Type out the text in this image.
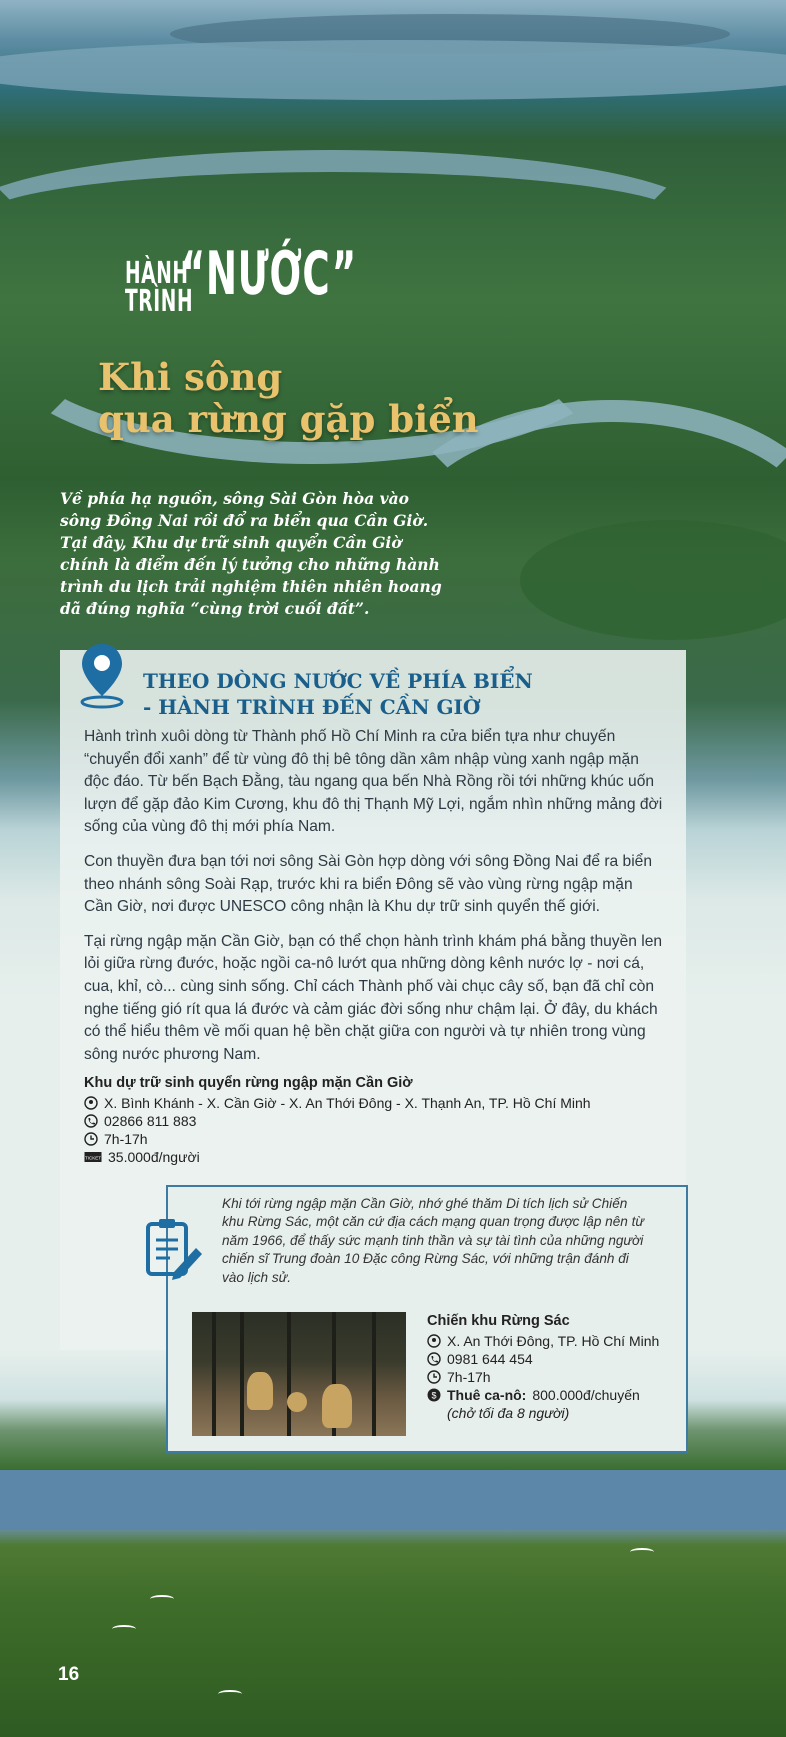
HÀNH
TRÌNH
“NƯỚC”
Khi sông
qua rừng gặp biển
Về phía hạ nguồn, sông Sài Gòn hòa vào sông Đồng Nai rồi đổ ra biển qua Cần Giờ. Tại đây, Khu dự trữ sinh quyển Cần Giờ chính là điểm đến lý tưởng cho những hành trình du lịch trải nghiệm thiên nhiên hoang dã đúng nghĩa “cùng trời cuối đất”.
THEO DÒNG NƯỚC VỀ PHÍA BIỂN
- HÀNH TRÌNH ĐẾN CẦN GIỜ

Hành trình xuôi dòng từ Thành phố Hồ Chí Minh ra cửa biển tựa như chuyến “chuyển đổi xanh” để từ vùng đô thị bê tông dần xâm nhập vùng xanh ngập mặn độc đáo. Từ bến Bạch Đằng, tàu ngang qua bến Nhà Rồng rồi tới những khúc uốn lượn để gặp đảo Kim Cương, khu đô thị Thạnh Mỹ Lợi, ngắm nhìn những mảng đời sống của vùng đô thị mới phía Nam.

Con thuyền đưa bạn tới nơi sông Sài Gòn hợp dòng với sông Đồng Nai để ra biển theo nhánh sông Soài Rạp, trước khi ra biển Đông sẽ vào vùng rừng ngập mặn Cần Giờ, nơi được UNESCO công nhận là Khu dự trữ sinh quyển thế giới.

Tại rừng ngập mặn Cần Giờ, bạn có thể chọn hành trình khám phá bằng thuyền len lỏi giữa rừng đước, hoặc ngồi ca-nô lướt qua những dòng kênh nước lợ - nơi cá, cua, khỉ, cò... cùng sinh sống. Chỉ cách Thành phố vài chục cây số, bạn đã chỉ còn nghe tiếng gió rít qua lá đước và cảm giác đời sống như chậm lại. Ở đây, du khách có thể hiểu thêm về mối quan hệ bền chặt giữa con người và tự nhiên trong vùng sông nước phương Nam.

Khu dự trữ sinh quyển rừng ngập mặn Cần Giờ
X. Bình Khánh - X. Cần Giờ - X. An Thới Đông - X. Thạnh An, TP. Hồ Chí Minh
02866 811 883
7h-17h
TICKET 35.000đ/người
Khi tới rừng ngập mặn Cần Giờ, nhớ ghé thăm Di tích lịch sử Chiến khu Rừng Sác, một căn cứ địa cách mạng quan trọng được lập nên từ năm 1966, để thấy sức mạnh tinh thần và sự tài tình của những người chiến sĩ Trung đoàn 10 Đặc công Rừng Sác, với những trận đánh đi vào lịch sử.
Chiến khu Rừng Sác
X. An Thới Đông, TP. Hồ Chí Minh
0981 644 454
7h-17h
$ Thuê ca-nô: 800.000đ/chuyến
(chở tối đa 8 người)
16
